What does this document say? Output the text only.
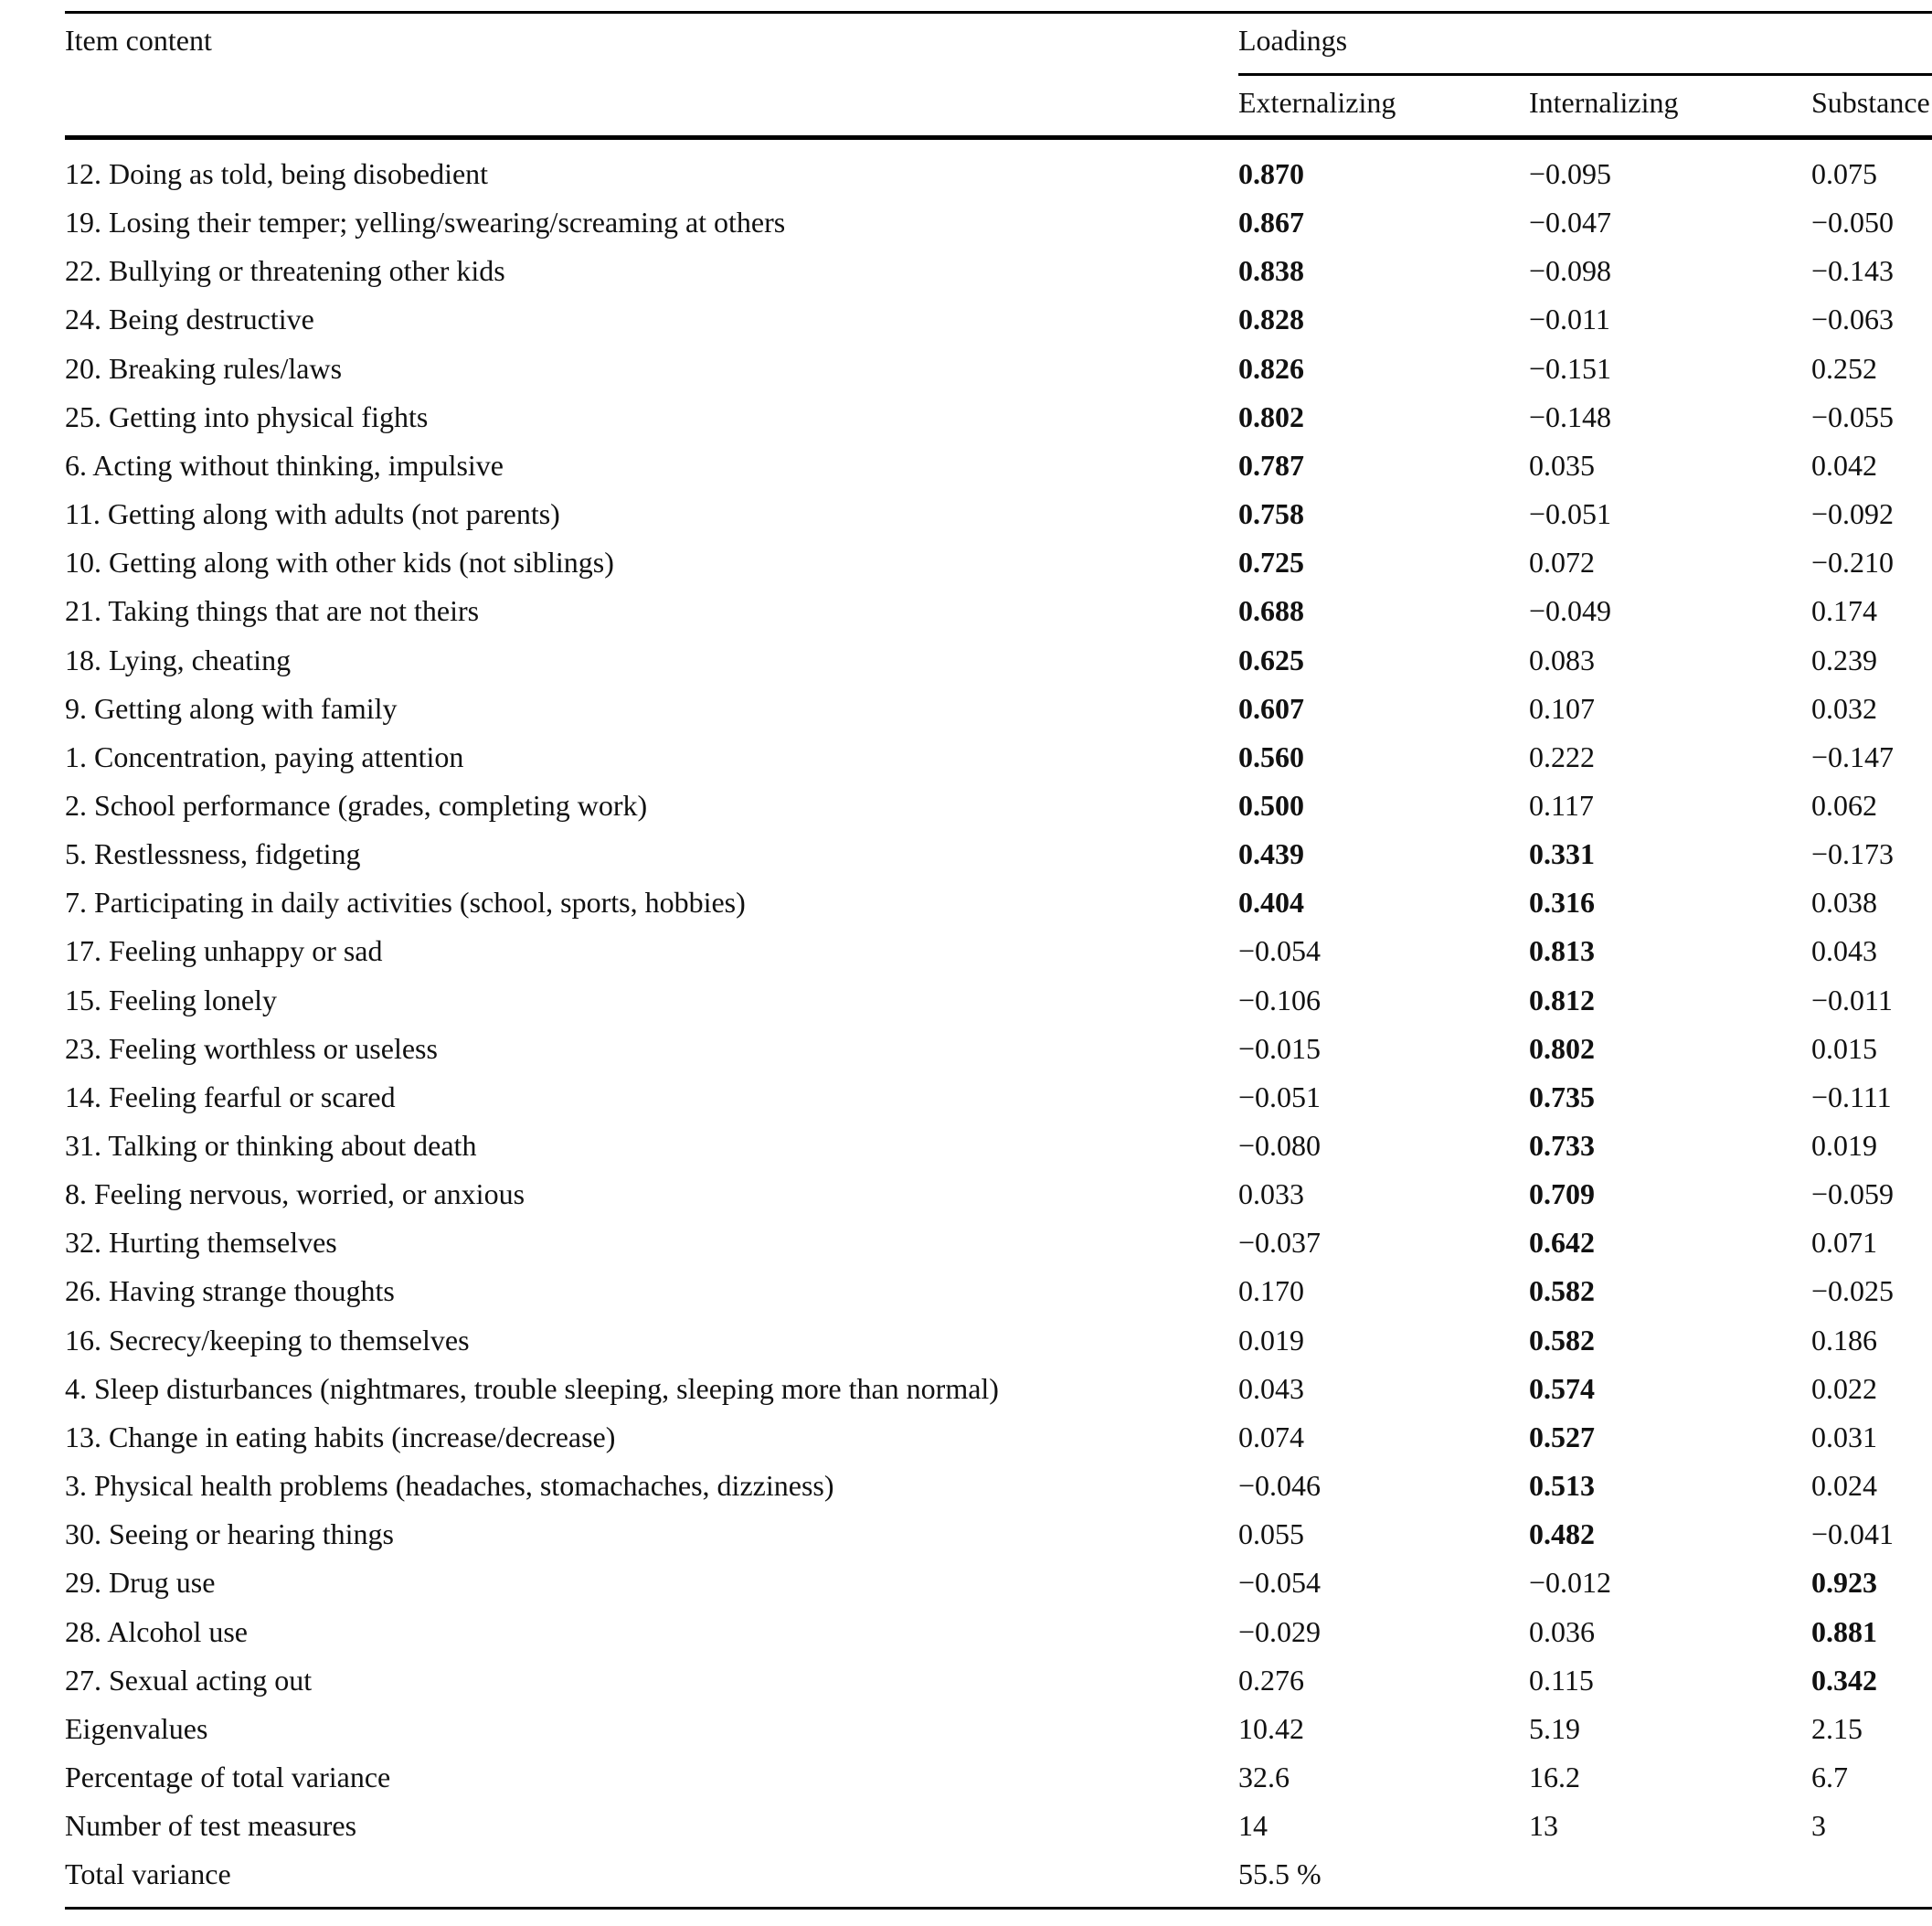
Item content	Loadings
Externalizing	Internalizing	Substance
12. Doing as told, being disobedient	0.870	−0.095	0.075
19. Losing their temper; yelling/swearing/screaming at others	0.867	−0.047	−0.050
22. Bullying or threatening other kids	0.838	−0.098	−0.143
24. Being destructive	0.828	−0.011	−0.063
20. Breaking rules/laws	0.826	−0.151	0.252
25. Getting into physical fights	0.802	−0.148	−0.055
6. Acting without thinking, impulsive	0.787	0.035	0.042
11. Getting along with adults (not parents)	0.758	−0.051	−0.092
10. Getting along with other kids (not siblings)	0.725	0.072	−0.210
21. Taking things that are not theirs	0.688	−0.049	0.174
18. Lying, cheating	0.625	0.083	0.239
9. Getting along with family	0.607	0.107	0.032
1. Concentration, paying attention	0.560	0.222	−0.147
2. School performance (grades, completing work)	0.500	0.117	0.062
5. Restlessness, fidgeting	0.439	0.331	−0.173
7. Participating in daily activities (school, sports, hobbies)	0.404	0.316	0.038
17. Feeling unhappy or sad	−0.054	0.813	0.043
15. Feeling lonely	−0.106	0.812	−0.011
23. Feeling worthless or useless	−0.015	0.802	0.015
14. Feeling fearful or scared	−0.051	0.735	−0.111
31. Talking or thinking about death	−0.080	0.733	0.019
8. Feeling nervous, worried, or anxious	0.033	0.709	−0.059
32. Hurting themselves	−0.037	0.642	0.071
26. Having strange thoughts	0.170	0.582	−0.025
16. Secrecy/keeping to themselves	0.019	0.582	0.186
4. Sleep disturbances (nightmares, trouble sleeping, sleeping more than normal)	0.043	0.574	0.022
13. Change in eating habits (increase/decrease)	0.074	0.527	0.031
3. Physical health problems (headaches, stomachaches, dizziness)	−0.046	0.513	0.024
30. Seeing or hearing things	0.055	0.482	−0.041
29. Drug use	−0.054	−0.012	0.923
28. Alcohol use	−0.029	0.036	0.881
27. Sexual acting out	0.276	0.115	0.342
Eigenvalues	10.42	5.19	2.15
Percentage of total variance	32.6	16.2	6.7
Number of test measures	14	13	3
Total variance	55.5 %
